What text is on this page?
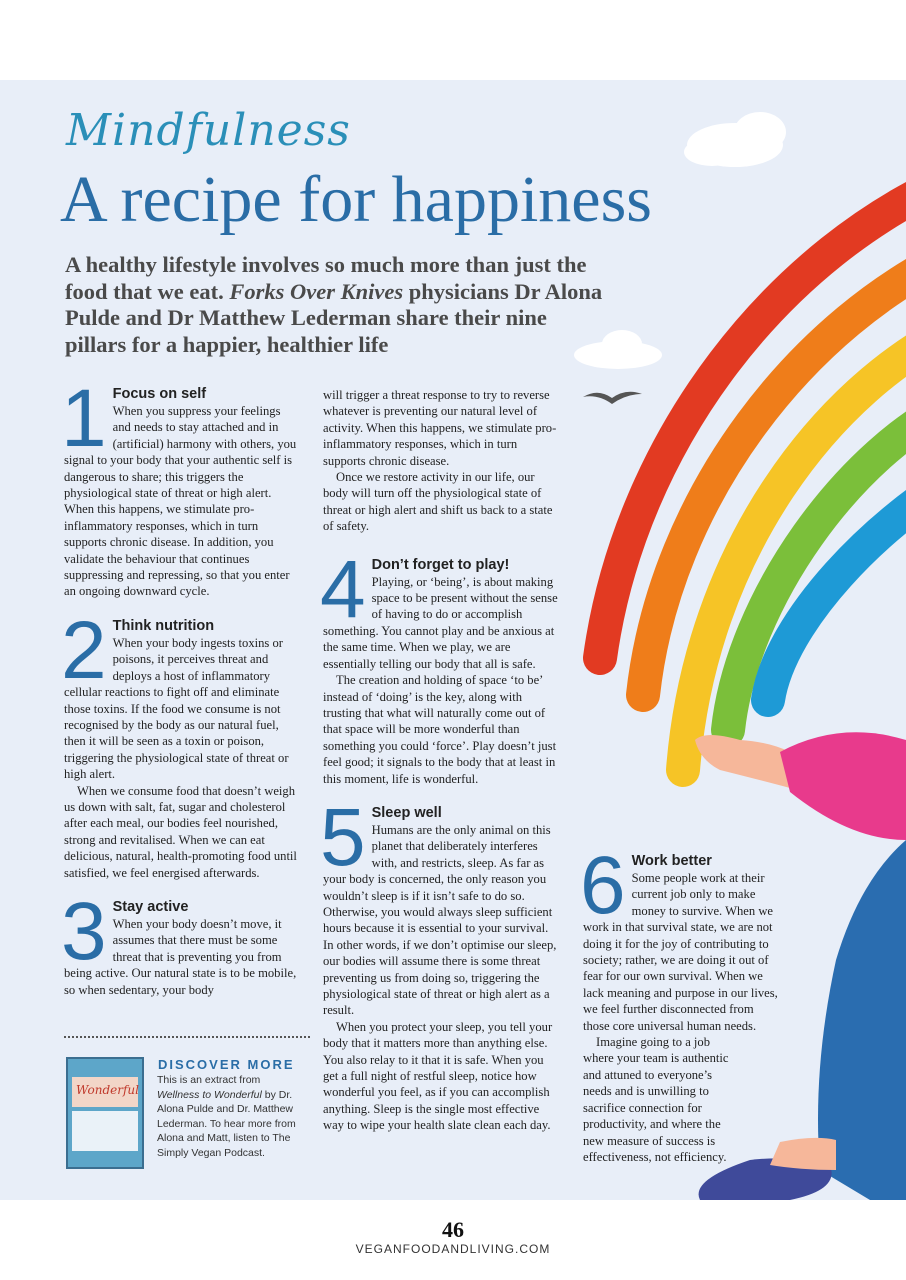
Mindfulness
A recipe for happiness
A healthy lifestyle involves so much more than just the food that we eat. Forks Over Knives physicians Dr Alona Pulde and Dr Matthew Lederman share their nine pillars for a happier, healthier life
1 Focus on self

When you suppress your feelings and needs to stay attached and in (artificial) harmony with others, you signal to your body that your authentic self is dangerous to share; this triggers the physiological state of threat or high alert. When this happens, we stimulate pro-inflammatory responses, which in turn supports chronic disease. In addition, you validate the behaviour that continues suppressing and repressing, so that you enter an ongoing downward cycle.

2 Think nutrition

When your body ingests toxins or poisons, it perceives threat and deploys a host of inflammatory cellular reactions to fight off and eliminate those toxins. If the food we consume is not recognised by the body as our natural fuel, then it will be seen as a toxin or poison, triggering the physiological state of threat or high alert.

When we consume food that doesn’t weigh us down with salt, fat, sugar and cholesterol after each meal, our bodies feel nourished, strong and revitalised. When we can eat delicious, natural, health-promoting food until satisfied, we feel energised afterwards.

3 Stay active

When your body doesn’t move, it assumes that there must be some threat that is preventing you from being active. Our natural state is to be mobile, so when sedentary, your body

Wonderful
DISCOVER MORE
This is an extract from Wellness to Wonderful by Dr. Alona Pulde and Dr. Matthew Lederman. To hear more from Alona and Matt, listen to The Simply Vegan Podcast.

will trigger a threat response to try to reverse whatever is preventing our natural level of activity. When this happens, we stimulate pro-inflammatory responses, which in turn supports chronic disease.

Once we restore activity in our life, our body will turn off the physiological state of threat or high alert and shift us back to a state of safety.

4 Don’t forget to play!

Playing, or ‘being’, is about making space to be present without the sense of having to do or accomplish something. You cannot play and be anxious at the same time. When we play, we are essentially telling our body that all is safe.

The creation and holding of space ‘to be’ instead of ‘doing’ is the key, along with trusting that what will naturally come out of that space will be more wonderful than something you could ‘force’. Play doesn’t just feel good; it signals to the body that at least in this moment, life is wonderful.

5 Sleep well

Humans are the only animal on this planet that deliberately interferes with, and restricts, sleep. As far as your body is concerned, the only reason you wouldn’t sleep is if it isn’t safe to do so. Otherwise, you would always sleep sufficient hours because it is essential to your survival. In other words, if we don’t optimise our sleep, our bodies will assume there is some threat preventing us from doing so, triggering the physiological state of threat or high alert as a result.

When you protect your sleep, you tell your body that it matters more than anything else. You also relay to it that it is safe. When you get a full night of restful sleep, notice how wonderful you feel, as if you can accomplish anything. Sleep is the single most effective way to wipe your health slate clean each day.

6 Work better

Some people work at their current job only to make money to survive. When we work in that survival state, we are not doing it for the joy of contributing to society; rather, we are doing it out of fear for our own survival. When we lack meaning and purpose in our lives, we feel further disconnected from those core universal human needs.

Imagine going to a job where your team is authentic and attuned to everyone’s needs and is unwilling to sacrifice connection for productivity, and where the new measure of success is effectiveness, not efficiency.

46
VEGANFOODANDLIVING.COM
